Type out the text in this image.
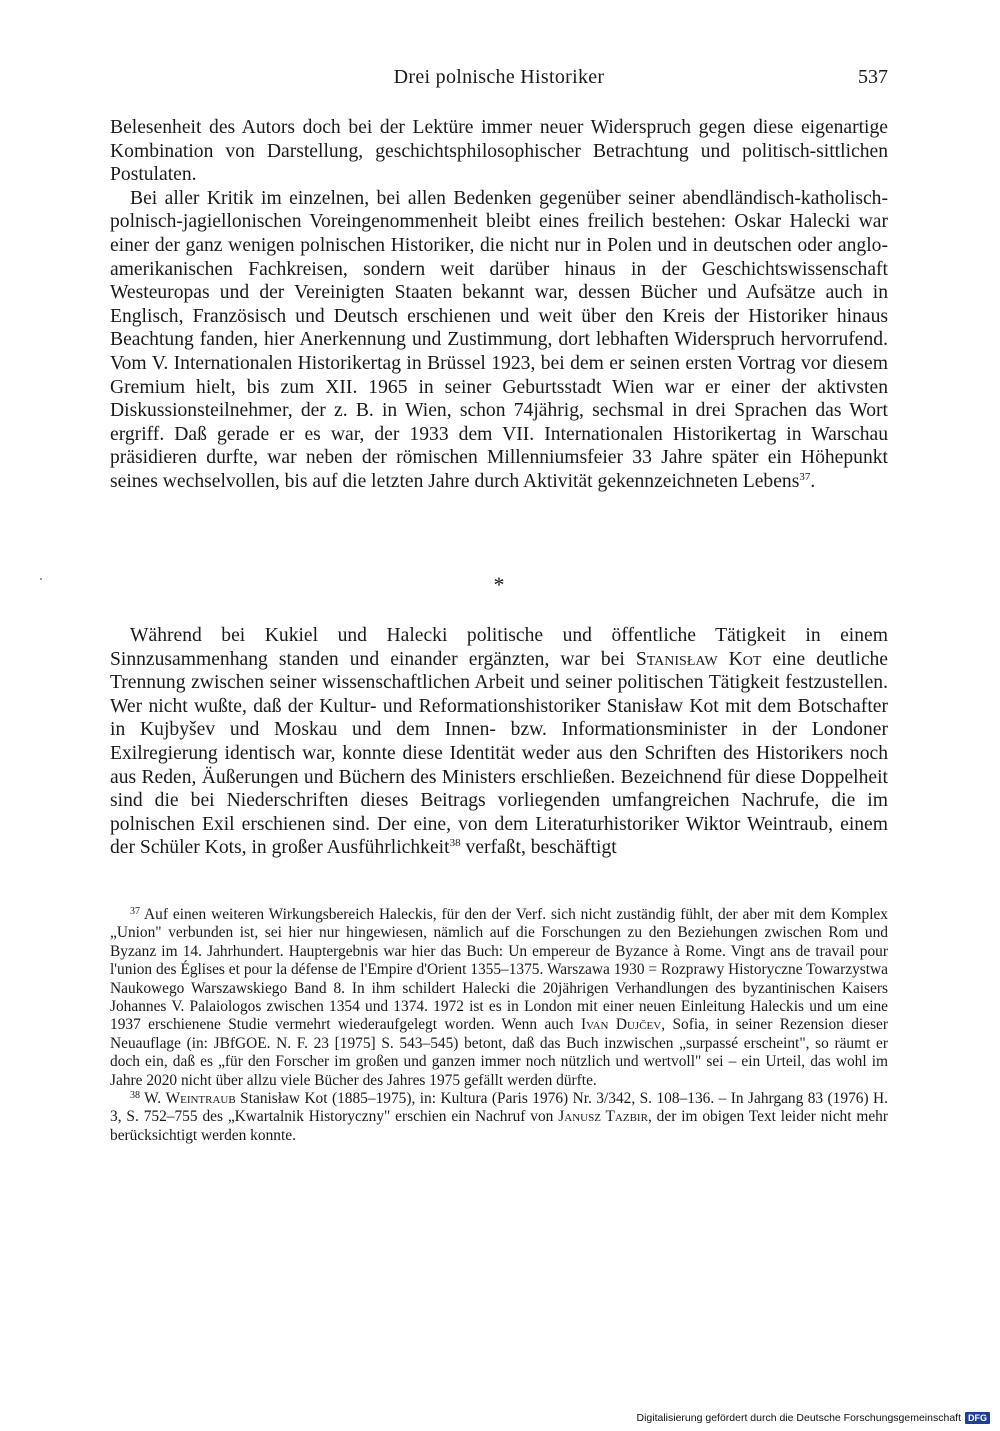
Drei polnische Historiker	537

Belesenheit des Autors doch bei der Lektüre immer neuer Widerspruch gegen diese eigenartige Kombination von Darstellung, geschichtsphilosophischer Betrachtung und politisch-sittlichen Postulaten.

Bei aller Kritik im einzelnen, bei allen Bedenken gegenüber seiner abendländisch-katholisch-polnisch-jagiellonischen Voreingenommenheit bleibt eines freilich bestehen: Oskar Halecki war einer der ganz wenigen polnischen Historiker, die nicht nur in Polen und in deutschen oder anglo-amerikanischen Fachkreisen, sondern weit darüber hinaus in der Geschichtswissenschaft Westeuropas und der Vereinigten Staaten bekannt war, dessen Bücher und Aufsätze auch in Englisch, Französisch und Deutsch erschienen und weit über den Kreis der Historiker hinaus Beachtung fanden, hier Anerkennung und Zustimmung, dort lebhaften Widerspruch hervorrufend. Vom V. Internationalen Historikertag in Brüssel 1923, bei dem er seinen ersten Vortrag vor diesem Gremium hielt, bis zum XII. 1965 in seiner Geburtsstadt Wien war er einer der aktivsten Diskussionsteilnehmer, der z. B. in Wien, schon 74jährig, sechsmal in drei Sprachen das Wort ergriff. Daß gerade er es war, der 1933 dem VII. Internationalen Historikertag in Warschau präsidieren durfte, war neben der römischen Millenniumsfeier 33 Jahre später ein Höhepunkt seines wechselvollen, bis auf die letzten Jahre durch Aktivität gekennzeichneten Lebens$^{37}$.

*

Während bei Kukiel und Halecki politische und öffentliche Tätigkeit in einem Sinnzusammenhang standen und einander ergänzten, war bei Stanisław Kot eine deutliche Trennung zwischen seiner wissenschaftlichen Arbeit und seiner politischen Tätigkeit festzustellen. Wer nicht wußte, daß der Kultur- und Reformationshistoriker Stanisław Kot mit dem Botschafter in Kujbyšev und Moskau und dem Innen- bzw. Informationsminister in der Londoner Exilregierung identisch war, konnte diese Identität weder aus den Schriften des Historikers noch aus Reden, Äußerungen und Büchern des Ministers erschließen. Bezeichnend für diese Doppelheit sind die bei Niederschriften dieses Beitrags vorliegenden umfangreichen Nachrufe, die im polnischen Exil erschienen sind. Der eine, von dem Literaturhistoriker Wiktor Weintraub, einem der Schüler Kots, in großer Ausführlichkeit$^{38}$ verfaßt, beschäftigt

$^{37}$ Auf einen weiteren Wirkungsbereich Haleckis, für den der Verf. sich nicht zuständig fühlt, der aber mit dem Komplex „Union" verbunden ist, sei hier nur hingewiesen, nämlich auf die Forschungen zu den Beziehungen zwischen Rom und Byzanz im 14. Jahrhundert. Hauptergebnis war hier das Buch: Un empereur de Byzance à Rome. Vingt ans de travail pour l'union des Églises et pour la défense de l'Empire d'Orient 1355–1375. Warszawa 1930 = Rozprawy Historyczne Towarzystwa Naukowego Warszawskiego Band 8. In ihm schildert Halecki die 20jährigen Verhandlungen des byzantinischen Kaisers Johannes V. Palaiologos zwischen 1354 und 1374. 1972 ist es in London mit einer neuen Einleitung Haleckis und um eine 1937 erschienene Studie vermehrt wiederaufgelegt worden. Wenn auch Ivan Dujčev, Sofia, in seiner Rezension dieser Neuauflage (in: JBfGOE. N. F. 23 [1975] S. 543–545) betont, daß das Buch inzwischen „surpassé erscheint", so räumt er doch ein, daß es „für den Forscher im großen und ganzen immer noch nützlich und wertvoll" sei – ein Urteil, das wohl im Jahre 2020 nicht über allzu viele Bücher des Jahres 1975 gefällt werden dürfte.

$^{38}$ W. Weintraub Stanisław Kot (1885–1975), in: Kultura (Paris 1976) Nr. 3/342, S. 108–136. – In Jahrgang 83 (1976) H. 3, S. 752–755 des „Kwartalnik Historyczny" erschien ein Nachruf von Janusz Tazbir, der im obigen Text leider nicht mehr berücksichtigt werden konnte.

Digitalisierung gefördert durch die Deutsche Forschungsgemeinschaft DFG
